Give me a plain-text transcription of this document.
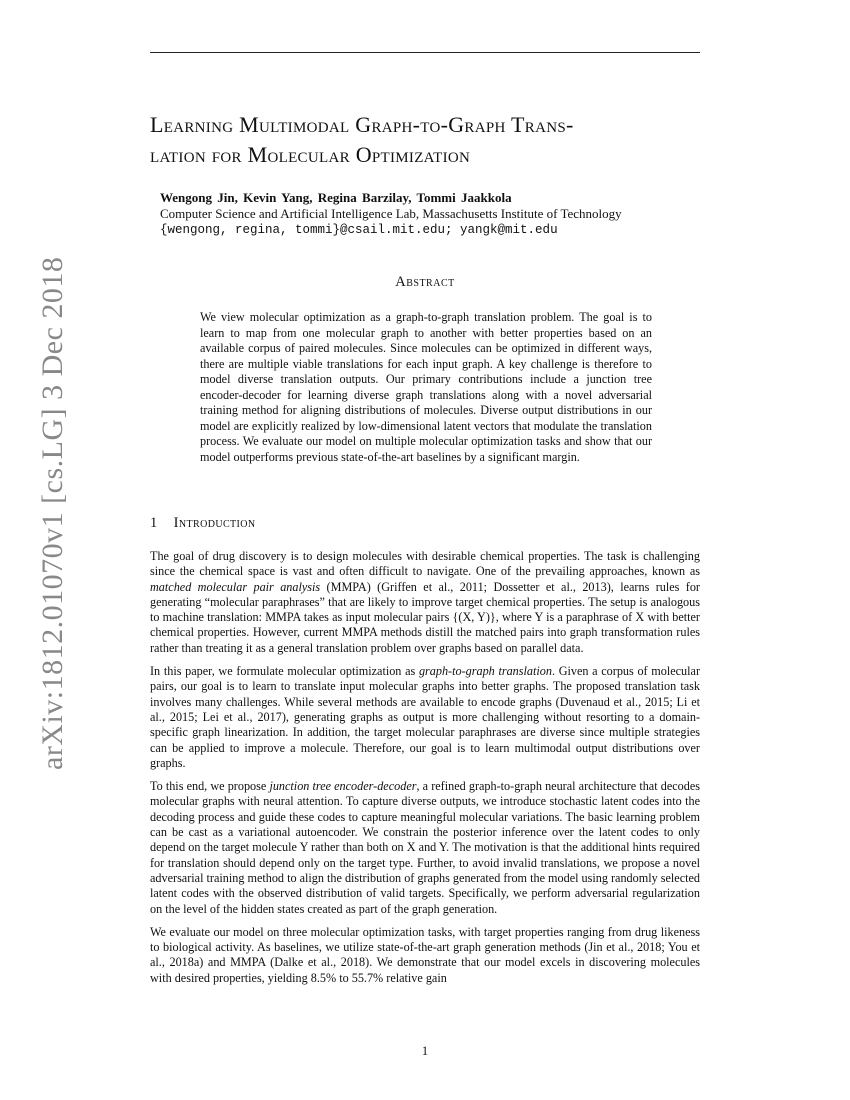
arXiv:1812.01070v1 [cs.LG] 3 Dec 2018
Learning Multimodal Graph-to-Graph Trans-
lation for Molecular Optimization
Wengong Jin, Kevin Yang, Regina Barzilay, Tommi Jaakkola
Computer Science and Artificial Intelligence Lab, Massachusetts Institute of Technology
{wengong, regina, tommi}@csail.mit.edu; yangk@mit.edu
Abstract
We view molecular optimization as a graph-to-graph translation problem. The goal is to learn to map from one molecular graph to another with better properties based on an available corpus of paired molecules. Since molecules can be optimized in different ways, there are multiple viable translations for each input graph. A key challenge is therefore to model diverse translation outputs. Our primary contributions include a junction tree encoder-decoder for learning diverse graph translations along with a novel adversarial training method for aligning distributions of molecules. Diverse output distributions in our model are explicitly realized by low-dimensional latent vectors that modulate the translation process. We evaluate our model on multiple molecular optimization tasks and show that our model outperforms previous state-of-the-art baselines by a significant margin.
1 Introduction

The goal of drug discovery is to design molecules with desirable chemical properties. The task is challenging since the chemical space is vast and often difficult to navigate. One of the prevailing approaches, known as matched molecular pair analysis (MMPA) (Griffen et al., 2011; Dossetter et al., 2013), learns rules for generating “molecular paraphrases” that are likely to improve target chemical properties. The setup is analogous to machine translation: MMPA takes as input molecular pairs {(X, Y)}, where Y is a paraphrase of X with better chemical properties. However, current MMPA methods distill the matched pairs into graph transformation rules rather than treating it as a general translation problem over graphs based on parallel data.

In this paper, we formulate molecular optimization as graph-to-graph translation. Given a corpus of molecular pairs, our goal is to learn to translate input molecular graphs into better graphs. The proposed translation task involves many challenges. While several methods are available to encode graphs (Duvenaud et al., 2015; Li et al., 2015; Lei et al., 2017), generating graphs as output is more challenging without resorting to a domain-specific graph linearization. In addition, the target molecular paraphrases are diverse since multiple strategies can be applied to improve a molecule. Therefore, our goal is to learn multimodal output distributions over graphs.

To this end, we propose junction tree encoder-decoder, a refined graph-to-graph neural architecture that decodes molecular graphs with neural attention. To capture diverse outputs, we introduce stochastic latent codes into the decoding process and guide these codes to capture meaningful molecular variations. The basic learning problem can be cast as a variational autoencoder. We constrain the posterior inference over the latent codes to only depend on the target molecule Y rather than both on X and Y. The motivation is that the additional hints required for translation should depend only on the target type. Further, to avoid invalid translations, we propose a novel adversarial training method to align the distribution of graphs generated from the model using randomly selected latent codes with the observed distribution of valid targets. Specifically, we perform adversarial regularization on the level of the hidden states created as part of the graph generation.

We evaluate our model on three molecular optimization tasks, with target properties ranging from drug likeness to biological activity. As baselines, we utilize state-of-the-art graph generation methods (Jin et al., 2018; You et al., 2018a) and MMPA (Dalke et al., 2018). We demonstrate that our model excels in discovering molecules with desired properties, yielding 8.5% to 55.7% relative gain

1
